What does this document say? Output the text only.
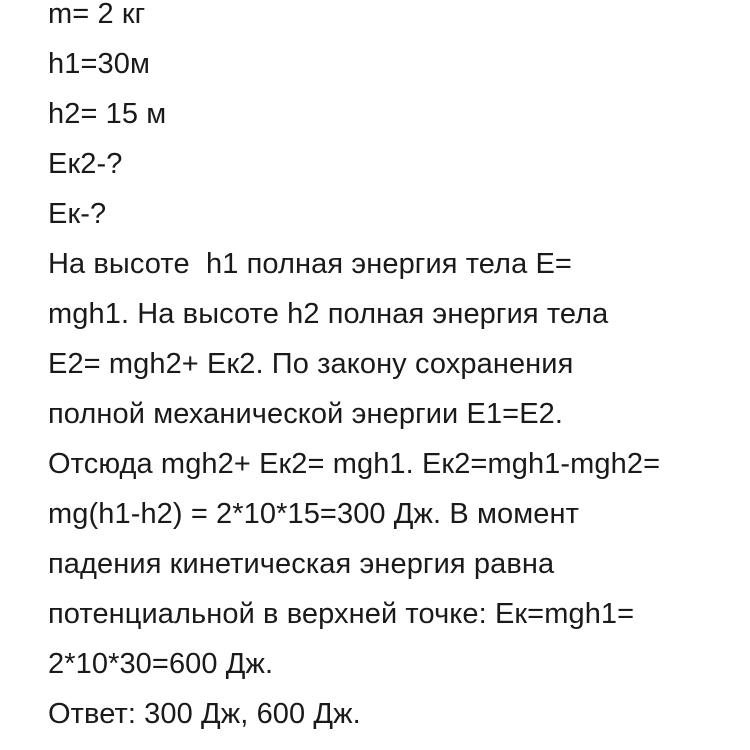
m= 2 кг
h1=30м
h2= 15 м
Ек2-?
Ек-?
На высоте  h1 полная энергия тела Е=
mgh1. На высоте h2 полная энергия тела
Е2= mgh2+ Ек2. По закону сохранения
полной механической энергии Е1=Е2.
Отсюда mgh2+ Ек2= mgh1. Ек2=mgh1-mgh2=
mg(h1-h2) = 2*10*15=300 Дж. В момент
падения кинетическая энергия равна
потенциальной в верхней точке: Ек=mgh1=
2*10*30=600 Дж.
Ответ: 300 Дж, 600 Дж.
